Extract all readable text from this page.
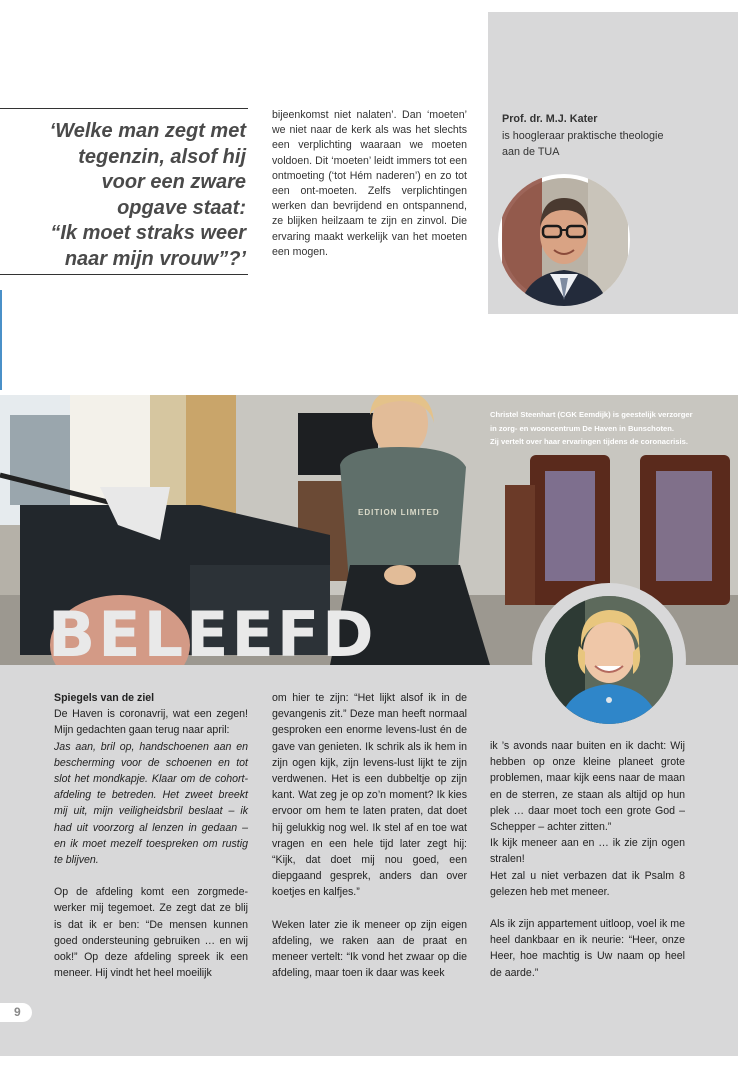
‘Welke man zegt met
tegenzin, alsof hij
voor een zware
opgave staat:
“Ik moet straks weer
naar mijn vrouw”?’
bijeenkomst niet nalaten’. Dan ‘moeten’ we niet naar de kerk als was het slechts een verplichting waaraan we moeten voldoen. Dit ‘moeten’ leidt immers tot een ontmoeting (‘tot Hém naderen’) en zo tot een ont-moeten. Zelfs verplichtingen werken dan bevrijdend en ontspannend, ze blijken heilzaam te zijn en zinvol. Die ervaring maakt werkelijk van het moeten een mogen.
Prof. dr. M.J. Kater
is hoogleraar praktische theologie
aan de TUA
EDITION LIMITED
Christel Steenhart (CGK Eemdijk) is geestelijk verzorger
in zorg- en wooncentrum De Haven in Bunschoten.
Zij vertelt over haar ervaringen tijdens de coronacrisis.
BELEEFD

Spiegels van de ziel

De Haven is coronavrij, wat een zegen! Mijn gedachten gaan terug naar april:

Jas aan, bril op, handschoenen aan en bescherming voor de schoenen en tot slot het mondkapje. Klaar om de cohort-afdeling te betreden. Het zweet breekt mij uit, mijn veiligheidsbril beslaat – ik had uit voorzorg al lenzen in gedaan – en ik moet mezelf toespreken om rustig te blijven.

Op de afdeling komt een zorgmede-werker mij tegemoet. Ze zegt dat ze blij is dat ik er ben: “De mensen kunnen goed ondersteuning gebruiken … en wij ook!” Op deze afdeling spreek ik een meneer. Hij vindt het heel moeilijk

om hier te zijn: “Het lijkt alsof ik in de gevangenis zit.” Deze man heeft normaal gesproken een enorme levens-lust én de gave van genieten. Ik schrik als ik hem in zijn ogen kijk, zijn levens-lust lijkt te zijn verdwenen. Het is een dubbeltje op zijn kant. Wat zeg je op zo’n moment? Ik kies ervoor om hem te laten praten, dat doet hij gelukkig nog wel. Ik stel af en toe wat vragen en een hele tijd later zegt hij: “Kijk, dat doet mij nou goed, een diepgaand gesprek, anders dan over koetjes en kalfjes.”

Weken later zie ik meneer op zijn eigen afdeling, we raken aan de praat en meneer vertelt: “Ik vond het zwaar op die afdeling, maar toen ik daar was keek

ik ’s avonds naar buiten en ik dacht: Wij hebben op onze kleine planeet grote problemen, maar kijk eens naar de maan en de sterren, ze staan als altijd op hun plek … daar moet toch een grote God – Schepper – achter zitten.”

Ik kijk meneer aan en … ik zie zijn ogen stralen!

Het zal u niet verbazen dat ik Psalm 8 gelezen heb met meneer.

Als ik zijn appartement uitloop, voel ik me heel dankbaar en ik neurie: “Heer, onze Heer, hoe machtig is Uw naam op heel de aarde.”

9
